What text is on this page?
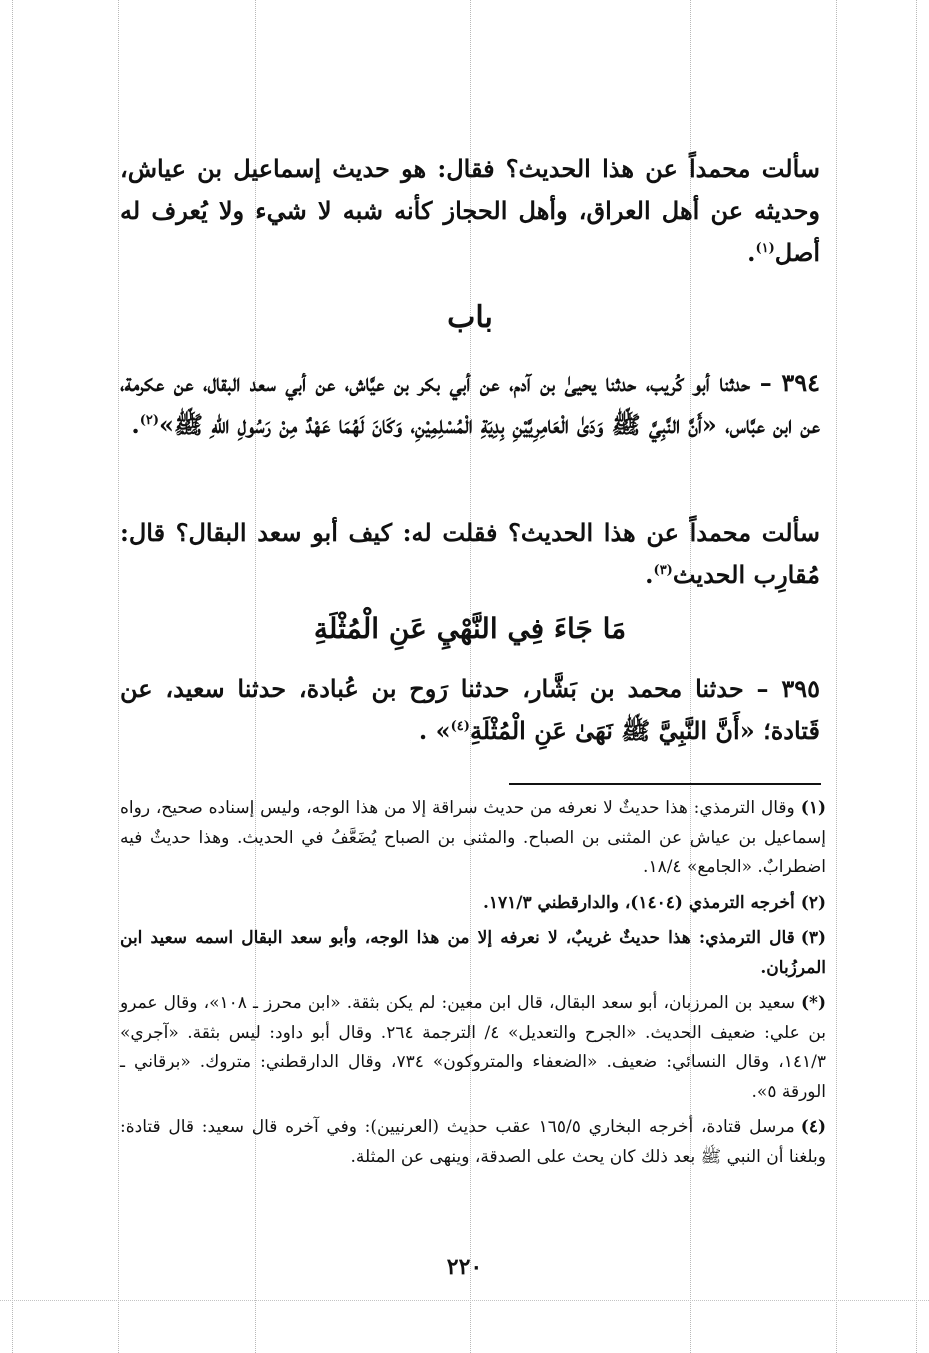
سألت محمداً عن هذا الحديث؟ فقال: هو حديث إسماعيل بن عياش، وحديثه عن أهل العراق، وأهل الحجاز كأنه شبه لا شيء ولا يُعرف له أصل$^{(١)}$.

باب

٣٩٤ – حدثنا أبو كُريب، حدثنا يحيىٰ بن آدم، عن أبي بكر بن عيَّاش، عن أبي سعد البقال، عن عكرمة، عن ابن عبَّاس، «أَنَّ النَّبِيَّ ﷺ وَدَىٰ الْعَامِرِيَّيْنِ بِدِيَةِ الْمُسْلِمِيْنِ، وَكَانَ لَهُمَا عَهْدٌ مِنْ رَسُولِ اللهِ ﷺ»$^{(٢)}$.

سألت محمداً عن هذا الحديث؟ فقلت له: كيف أبو سعد البقال؟ قال: مُقارِب الحديث$^{(٣)}$.

مَا جَاءَ فِي النَّهْيِ عَنِ الْمُثْلَةِ

٣٩٥ – حدثنا محمد بن بَشَّار، حدثنا رَوح بن عُبادة، حدثنا سعيد، عن قَتادة؛ «أَنَّ النَّبِيَّ ﷺ نَهَىٰ عَنِ الْمُثْلَةِ$^{(٤)}$» .

(١)وقال الترمذي: هذا حديثٌ لا نعرفه من حديث سراقة إلا من هذا الوجه، وليس إسناده صحيح، رواه إسماعيل بن عياش عن المثنى بن الصباح. والمثنى بن الصباح يُضَعَّفُ في الحديث. وهذا حديثٌ فيه اضطرابٌ. «الجامع» ١٨/٤.

(٢)أخرجه الترمذي (١٤٠٤)، والدارقطني ١٧١/٣.

(٣)قال الترمذي: هذا حديثٌ غريبٌ، لا نعرفه إلا من هذا الوجه، وأبو سعد البقال اسمه سعيد ابن المرزُبان.

(*)سعيد بن المرزبان، أبو سعد البقال، قال ابن معين: لم يكن بثقة. «ابن محرز ـ ١٠٨»، وقال عمرو بن علي: ضعيف الحديث. «الجرح والتعديل» ٤/ الترجمة ٢٦٤. وقال أبو داود: ليس بثقة. «آجري» ١٤١/٣، وقال النسائي: ضعيف. «الضعفاء والمتروكون» ٧٣٤، وقال الدارقطني: متروك. «برقاني ـ الورقة ٥».

(٤)مرسل قتادة، أخرجه البخاري ١٦٥/٥ عقب حديث (العرنيين): وفي آخره قال سعيد: قال قتادة: وبلغنا أن النبي ﷺ بعد ذلك كان يحث على الصدقة، وينهى عن المثلة.

٢٢٠
